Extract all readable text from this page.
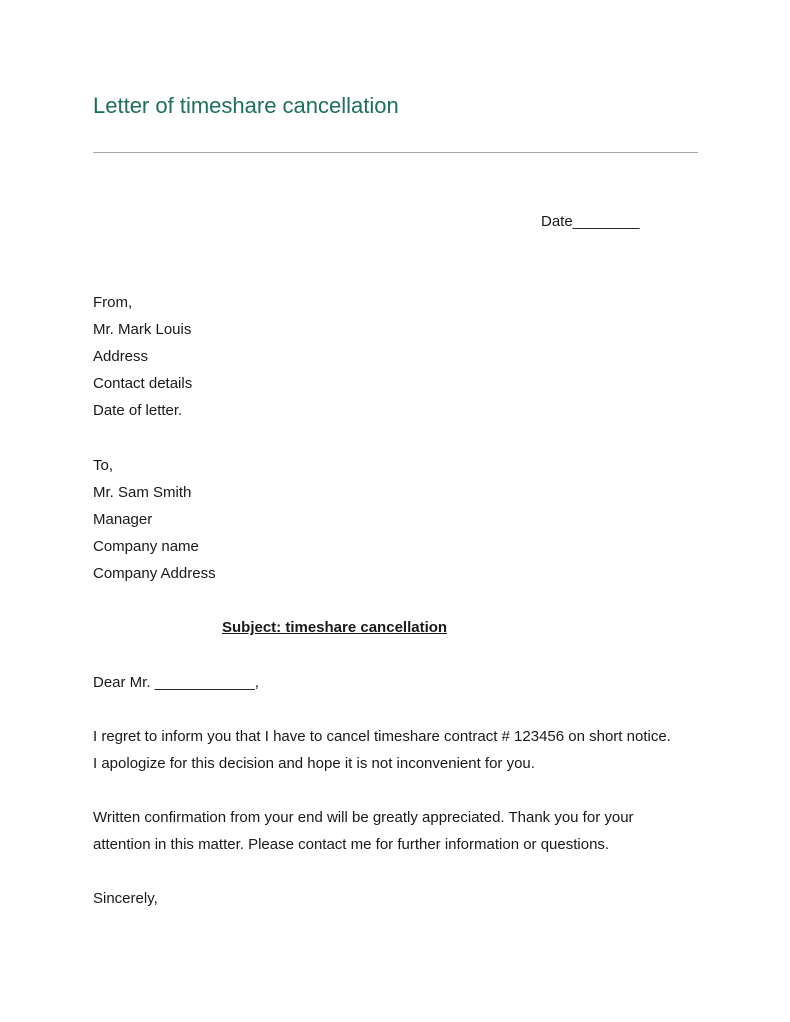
Letter of timeshare cancellation
Date________
From,
Mr. Mark Louis
Address
Contact details
Date of letter.
To,
Mr. Sam Smith
Manager
Company name
Company Address
Subject: timeshare cancellation
Dear Mr. ____________,
I regret to inform you that I have to cancel timeshare contract # 123456 on short notice.
I apologize for this decision and hope it is not inconvenient for you.
Written confirmation from your end will be greatly appreciated. Thank you for your
attention in this matter. Please contact me for further information or questions.
Sincerely,
